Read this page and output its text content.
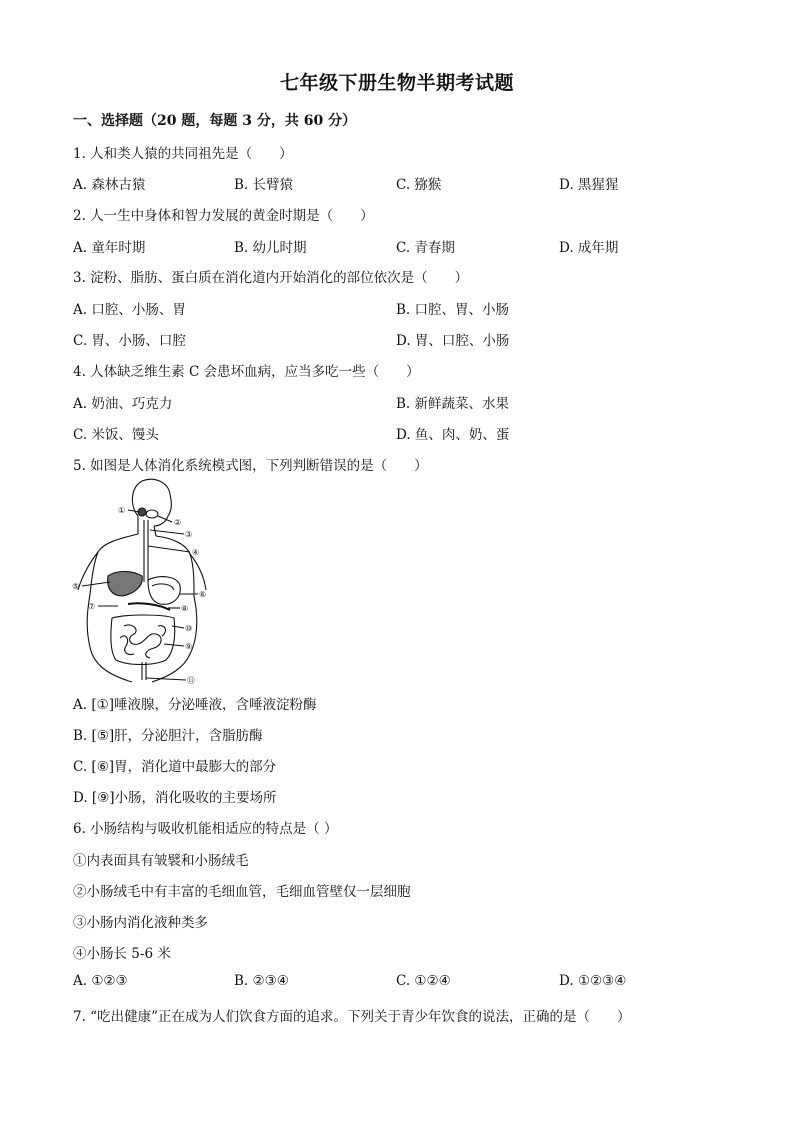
七年级下册生物半期考试题
一、选择题（20 题，每题 3 分，共 60 分）
1. 人和类人猿的共同祖先是（　　）
A. 森林古猿	B. 长臂猿	C. 猕猴	D. 黑猩猩
2. 人一生中身体和智力发展的黄金时期是（　　）
A. 童年时期	B. 幼儿时期	C. 青春期	D. 成年期
3. 淀粉、脂肪、蛋白质在消化道内开始消化的部位依次是（　　）
A. 口腔、小肠、胃	B. 口腔、胃、小肠
C. 胃、小肠、口腔	D. 胃、口腔、小肠
4. 人体缺乏维生素 C 会患坏血病，应当多吃一些（　　）
A. 奶油、巧克力	B. 新鲜蔬菜、水果
C. 米饭、馒头	D. 鱼、肉、奶、蛋
5. 如图是人体消化系统模式图，下列判断错误的是（　　）
①
②
③
④
⑤
⑥
⑦	⑧
⑩
⑨
⑪
A. [①]唾液腺，分泌唾液，含唾液淀粉酶
B. [⑤]肝，分泌胆汁，含脂肪酶
C. [⑥]胃，消化道中最膨大的部分
D. [⑨]小肠，消化吸收的主要场所
6. 小肠结构与吸收机能相适应的特点是（ ）
①内表面具有皱襞和小肠绒毛
②小肠绒毛中有丰富的毛细血管，毛细血管壁仅一层细胞
③小肠内消化液种类多
④小肠长 5-6 米
A. ①②③	B. ②③④	C. ①②④	D. ①②③④
7. “吃出健康”正在成为人们饮食方面的追求。下列关于青少年饮食的说法，正确的是（　　）
